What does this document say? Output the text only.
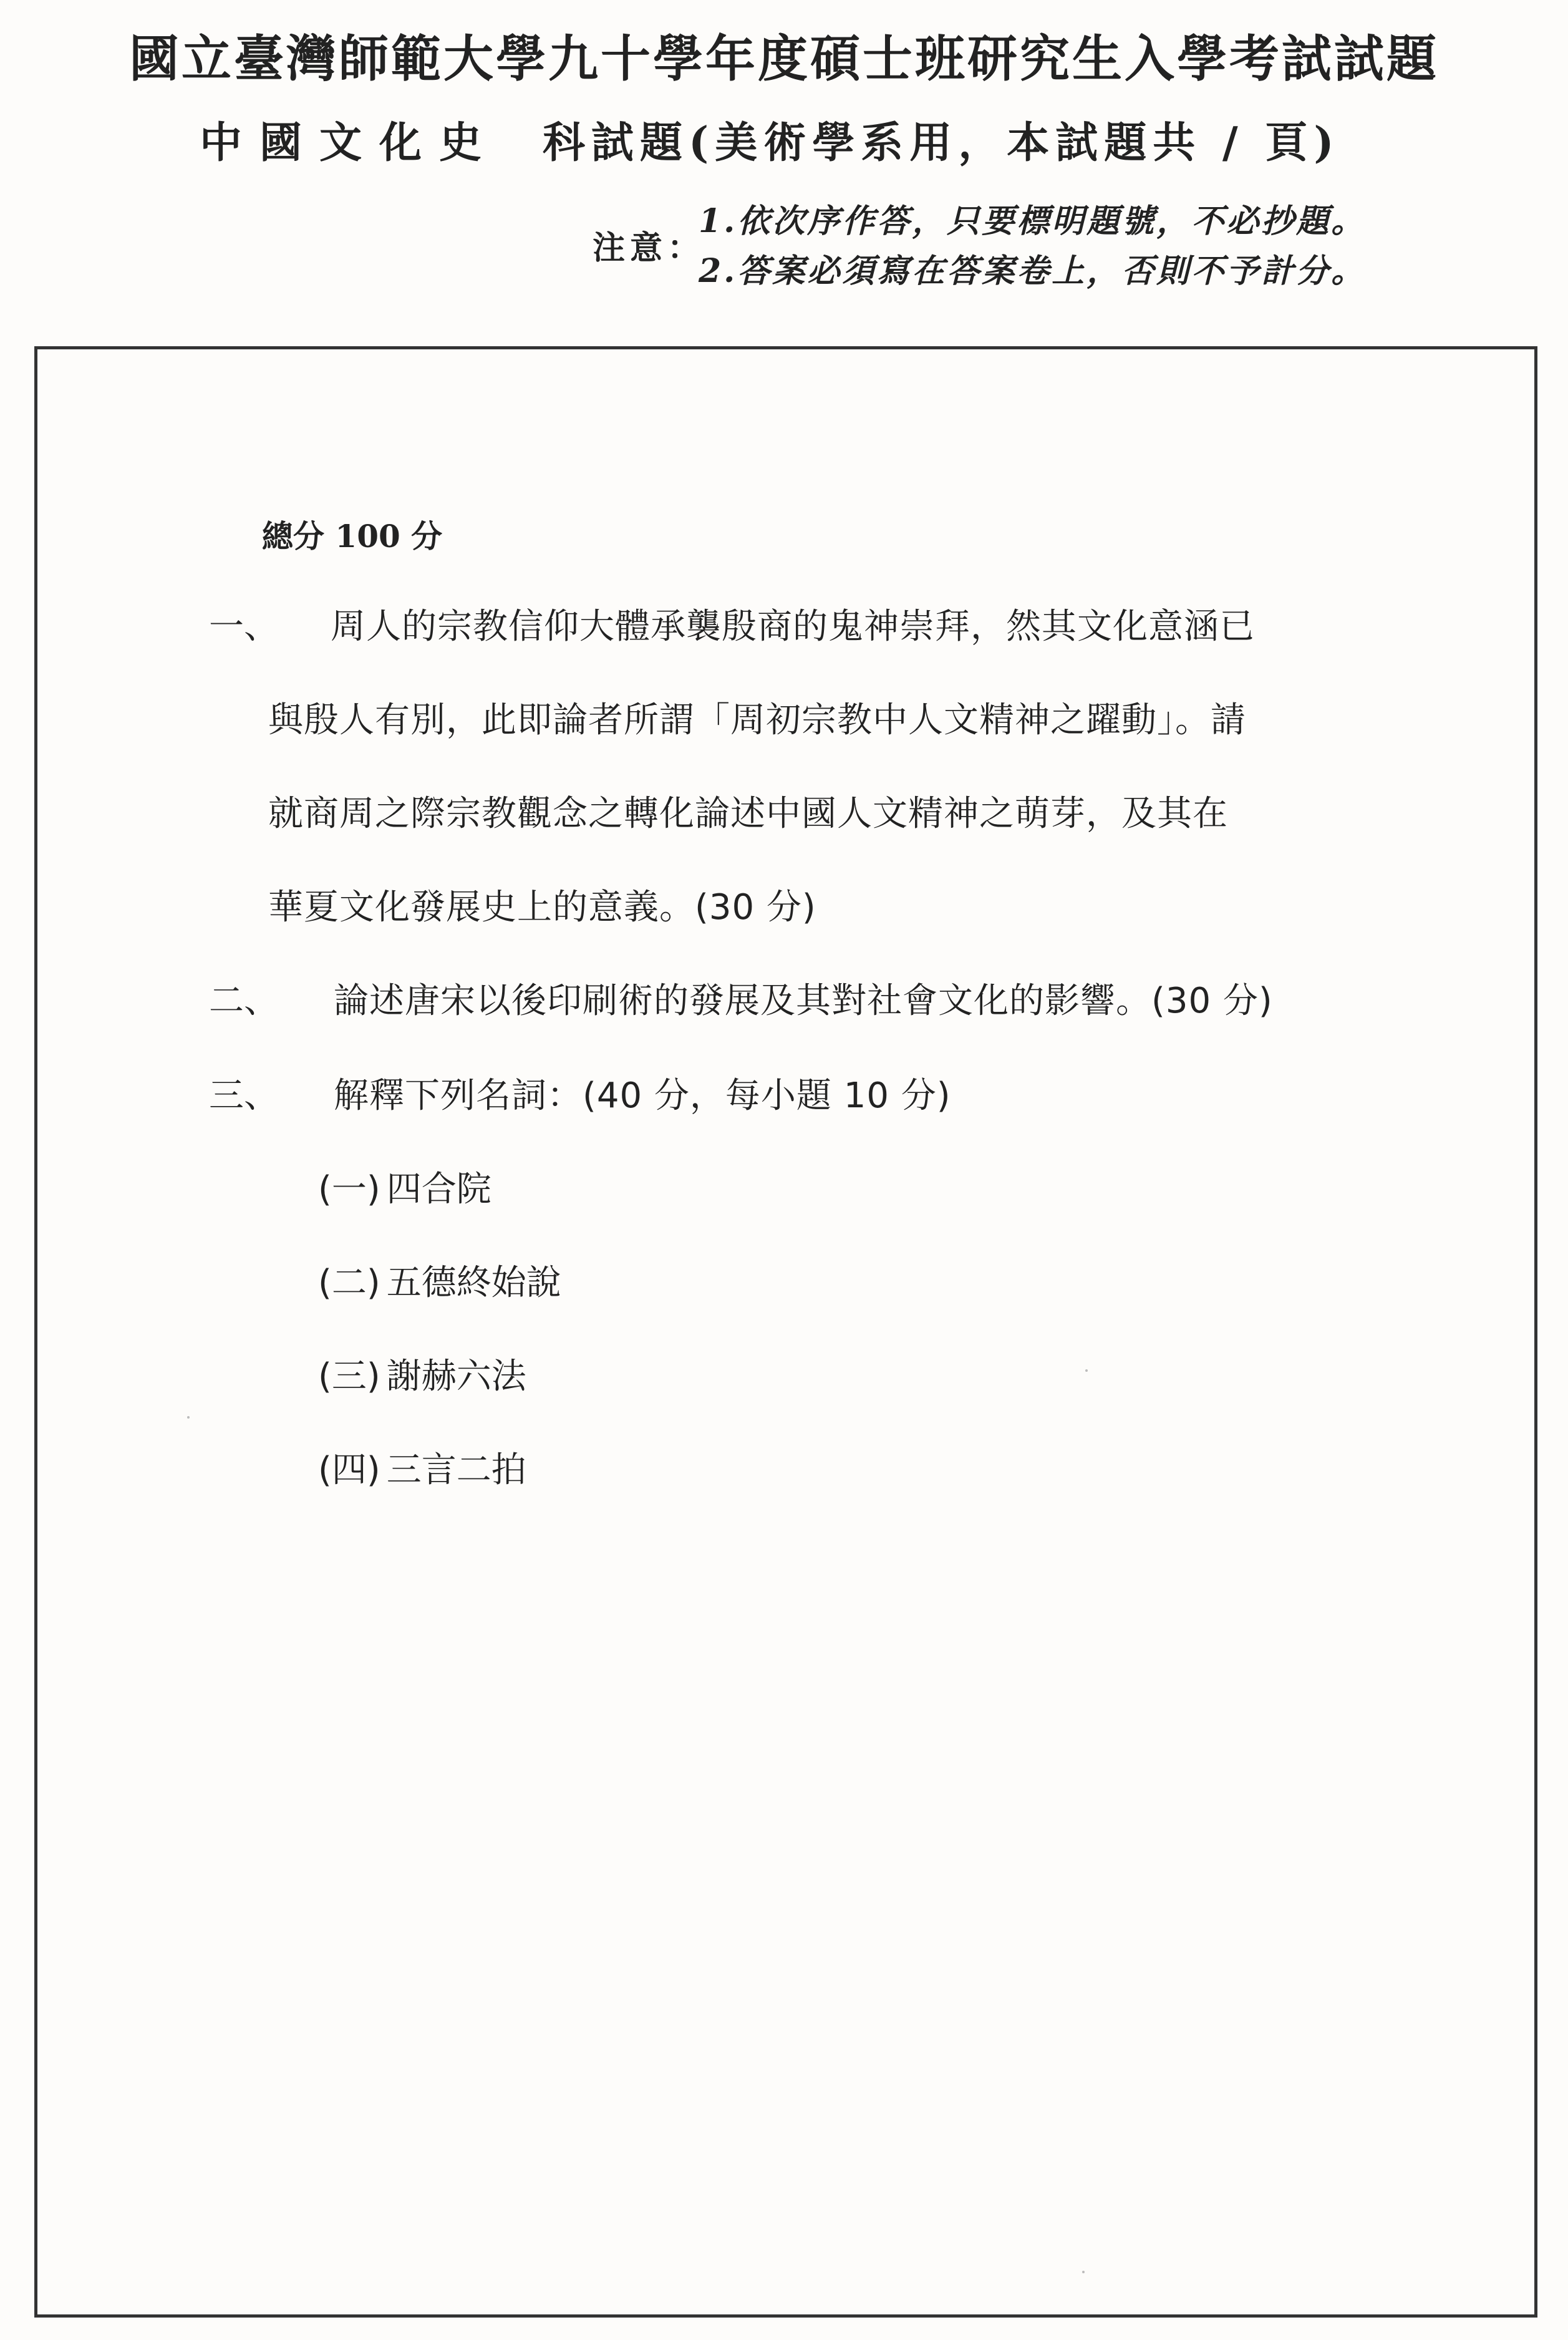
國立臺灣師範大學九十學年度碩士班研究生入學考試試題
中國文化史 科試題(美術學系用，本試題共 / 頁)
注意：
1.依次序作答，只要標明題號，不必抄題。
2.答案必須寫在答案卷上，否則不予計分。
總分 100 分
一、 周人的宗教信仰大體承襲殷商的鬼神崇拜，然其文化意涵已
與殷人有別，此即論者所謂「周初宗教中人文精神之躍動」。請
就商周之際宗教觀念之轉化論述中國人文精神之萌芽，及其在
華夏文化發展史上的意義。(30 分)
二、 論述唐宋以後印刷術的發展及其對社會文化的影響。(30 分)
三、 解釋下列名詞：(40 分，每小題 10 分)
(一) 四合院
(二) 五德終始說
(三) 謝赫六法
(四) 三言二拍
